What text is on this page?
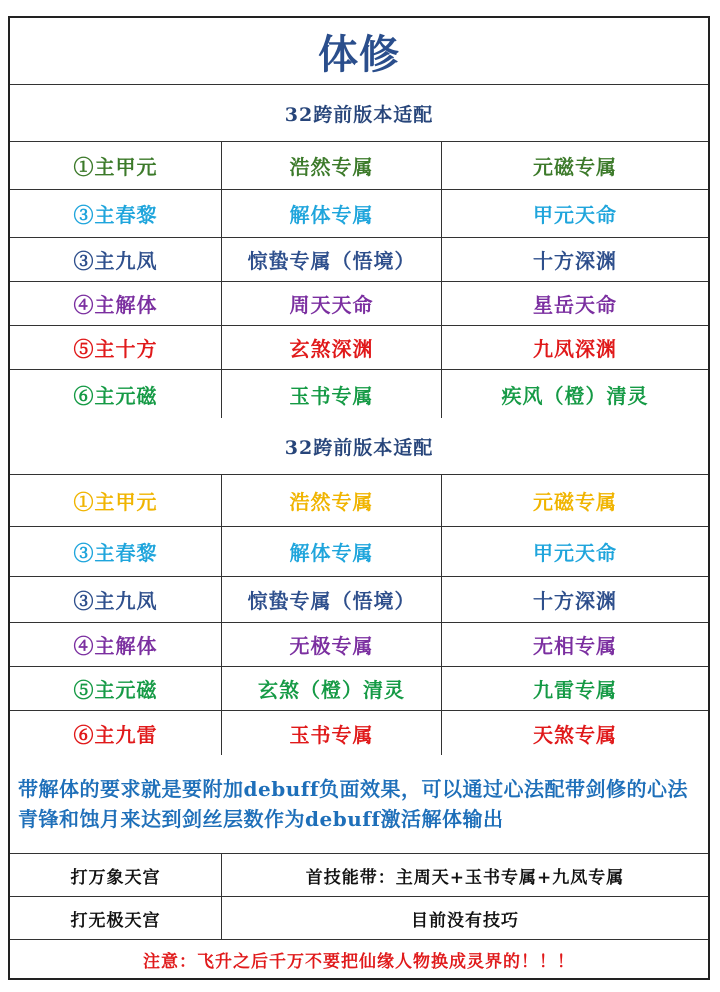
体修
32跨前版本适配
①主甲元	浩然专属	元磁专属
③主春黎	解体专属	甲元天命
③主九凤	惊蛰专属（悟境）	十方深渊
④主解体	周天天命	星岳天命
⑤主十方	玄煞深渊	九凤深渊
⑥主元磁	玉书专属	疾风（橙）清灵
32跨前版本适配
①主甲元	浩然专属	元磁专属
③主春黎	解体专属	甲元天命
③主九凤	惊蛰专属（悟境）	十方深渊
④主解体	无极专属	无相专属
⑤主元磁	玄煞（橙）清灵	九雷专属
⑥主九雷	玉书专属	天煞专属
带解体的要求就是要附加debuff负面效果，可以通过心法配带剑修的心法青锋和蚀月来达到剑丝层数作为debuff激活解体输出
打万象天宫	首技能带：主周天+玉书专属+九凤专属
打无极天宫	目前没有技巧
注意：飞升之后千万不要把仙缘人物换成灵界的！！！
